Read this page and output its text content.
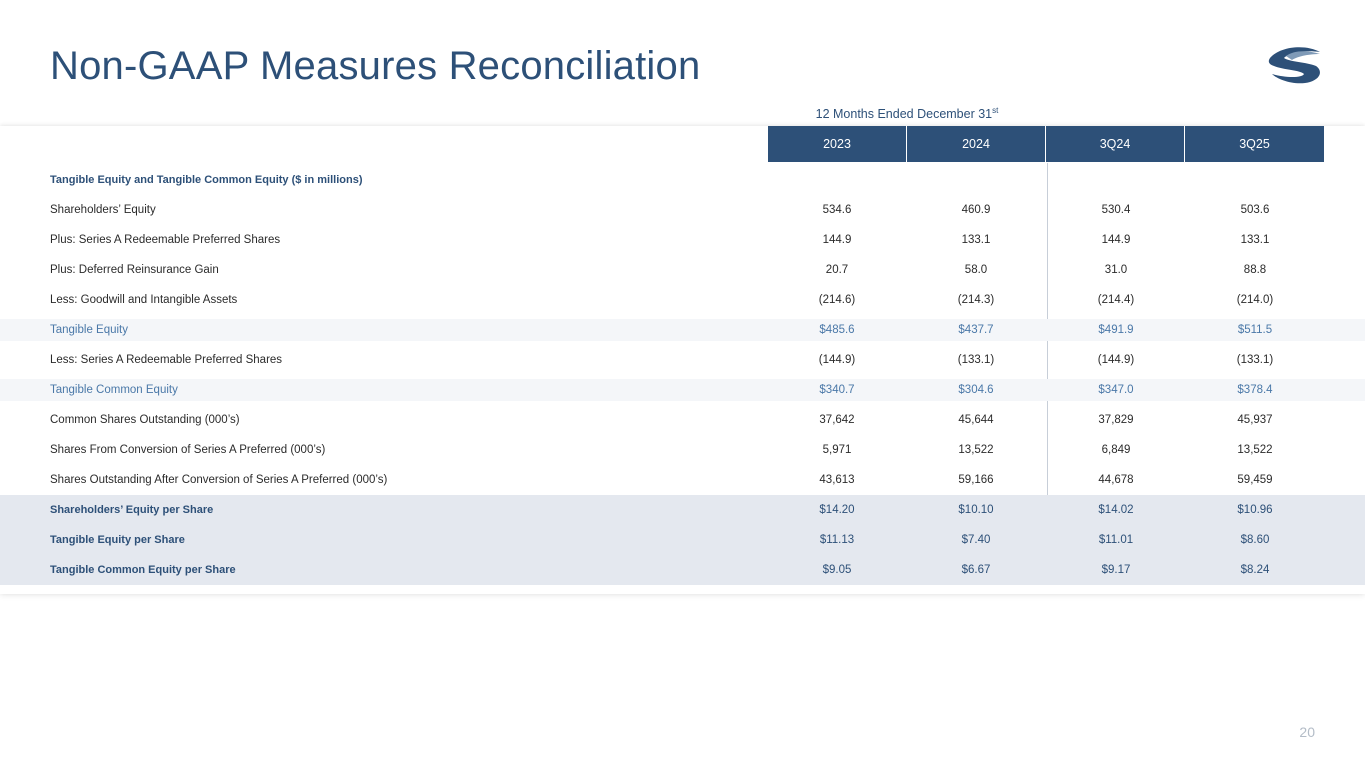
Non-GAAP Measures Reconciliation
12 Months Ended December 31st
2023	2024	3Q24	3Q25
Tangible Equity and Tangible Common Equity ($ in millions)
Shareholders’ Equity	534.6	460.9	530.4	503.6
Plus: Series A Redeemable Preferred Shares	144.9	133.1	144.9	133.1
Plus: Deferred Reinsurance Gain	20.7	58.0	31.0	88.8
Less: Goodwill and Intangible Assets	(214.6)	(214.3)	(214.4)	(214.0)
Tangible Equity	$485.6	$437.7	$491.9	$511.5
Less: Series A Redeemable Preferred Shares	(144.9)	(133.1)	(144.9)	(133.1)
Tangible Common Equity	$340.7	$304.6	$347.0	$378.4
Common Shares Outstanding (000’s)	37,642	45,644	37,829	45,937
Shares From Conversion of Series A Preferred (000’s)	5,971	13,522	6,849	13,522
Shares Outstanding After Conversion of Series A Preferred (000’s)	43,613	59,166	44,678	59,459
Shareholders’ Equity per Share	$14.20	$10.10	$14.02	$10.96
Tangible Equity per Share	$11.13	$7.40	$11.01	$8.60
Tangible Common Equity per Share	$9.05	$6.67	$9.17	$8.24
20
